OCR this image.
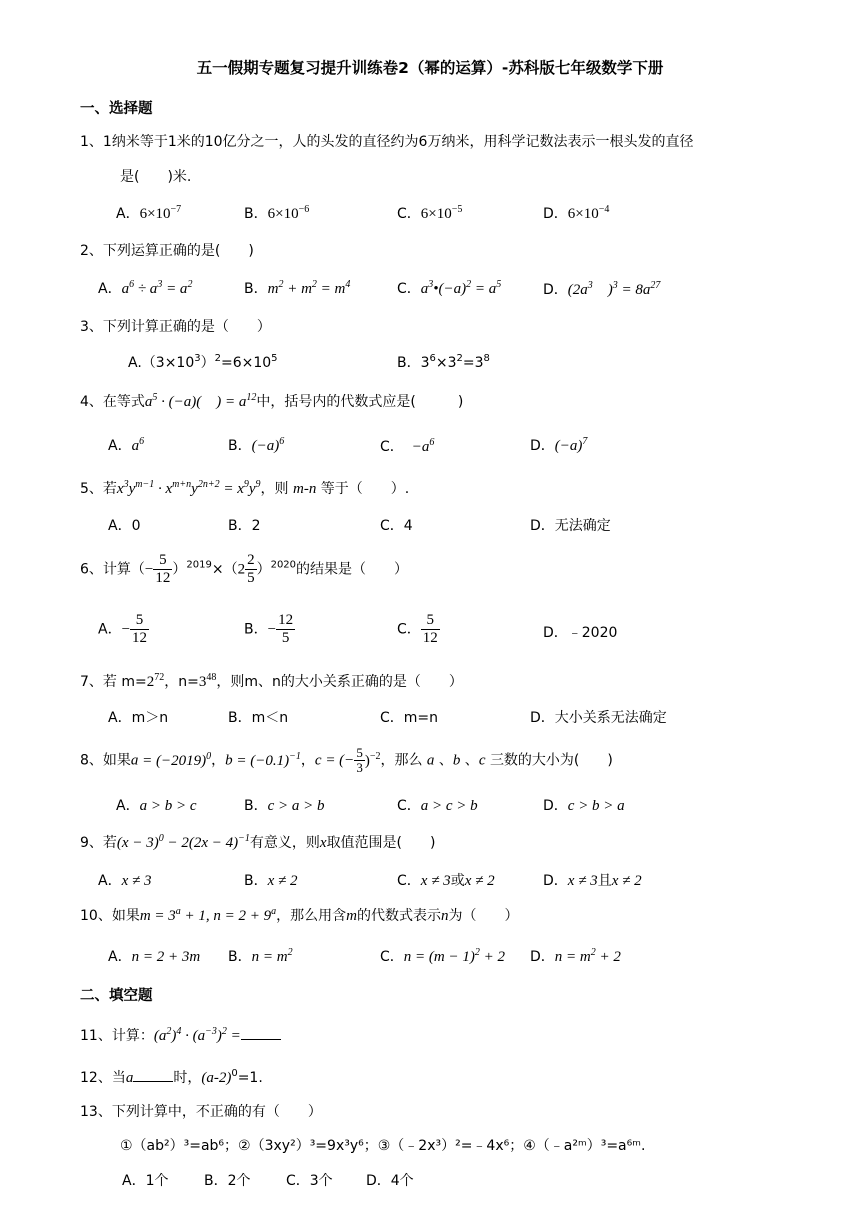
五一假期专题复习提升训练卷2（幂的运算）-苏科版七年级数学下册
一、选择题
1、1纳米等于1米的10亿分之一，人的头发的直径约为6万纳米，用科学记数法表示一根头发的直径
是(　　)米.
A．$6\times 10^{-7}$	B．$6\times 10^{-6}$	C．$6\times 10^{-5}$	D．$6\times 10^{-4}$
2、下列运算正确的是(　　)
A．$a^6 \div a^3 = a^2$	B．$m^2 + m^2 = m^4$	C．$a^3•(-a)^2 = a^5$	D．($2a^3$　)$^3 = 8a^{27}$
3、下列计算正确的是（　　）
$A.(3\times 10^3)^2=6\times 10^5$	B．$3^6\times 3^2=3^8$
4、在等式$a^5 \cdot (-a)$(　) = $a^{12}$中，括号内的代数式应是(　　　)
A．$a^6$	B．$(-a)^6$	C．　$-a^6$	D．$(-a)^7$
5、若$x^3y^{m-1} \cdot x^{m+n}y^{2n+2} = x^9y^9$，则 m-n 等于（　　）.
A．0	B．2	C．4	D．无法确定
6、计算（− $\frac{5}{12} )^{2019}\times(2 \frac{2}{5} )^{2020}$的结果是（　　）
A．− $\frac{5}{12}$	B．− $\frac{12}{5}$	C． $\frac{5}{12}$	D．﹣2020
7、若 $m=2^{72}$，$n=3^{48}$，则m、n的大小关系正确的是（　　）
A．m＞n	B．m＜n	C．m=n	D．大小关系无法确定
8、如果$a = (-2019)^0$，$b = (-0.1)^{-1}$，c = (− $\frac{5}{3} )^{-2}$，那么 a 、b 、c 三数的大小为(　　)
A．a > b > c	B．c > a > b	C．a > c > b	D．c > b > a
9、若$(x - 3)^0 - 2(2x - 4)^{-1}$有意义，则x取值范围是(　　)
A．x ≠ 3	B．x ≠ 2	C．x ≠ 3或x ≠ 2	D．x ≠ 3且x ≠ 2
10、如果$m = 3^a + 1$, $n = 2 + 9^a$，那么用含m的代数式表示n为（　　）
A．n = 2 + 3m B．$n = m^2$	C．$n = (m - 1)^2 + 2$ D．$n = m^2 + 2$
二、填空题
11、计算：$(a^2)^4 \cdot (a^{-3})^2$ =
12、当a	时，$(a-2)^0=1$.
13、下列计算中，不正确的有（　　）
①（ab²）³=ab⁶；②（3xy²）³=9x³y⁶；③（﹣2x³）²=﹣4x⁶；④（﹣a²ᵐ）³=a⁶ᵐ.
A．1个	B．2个	C．3个 D．4个
